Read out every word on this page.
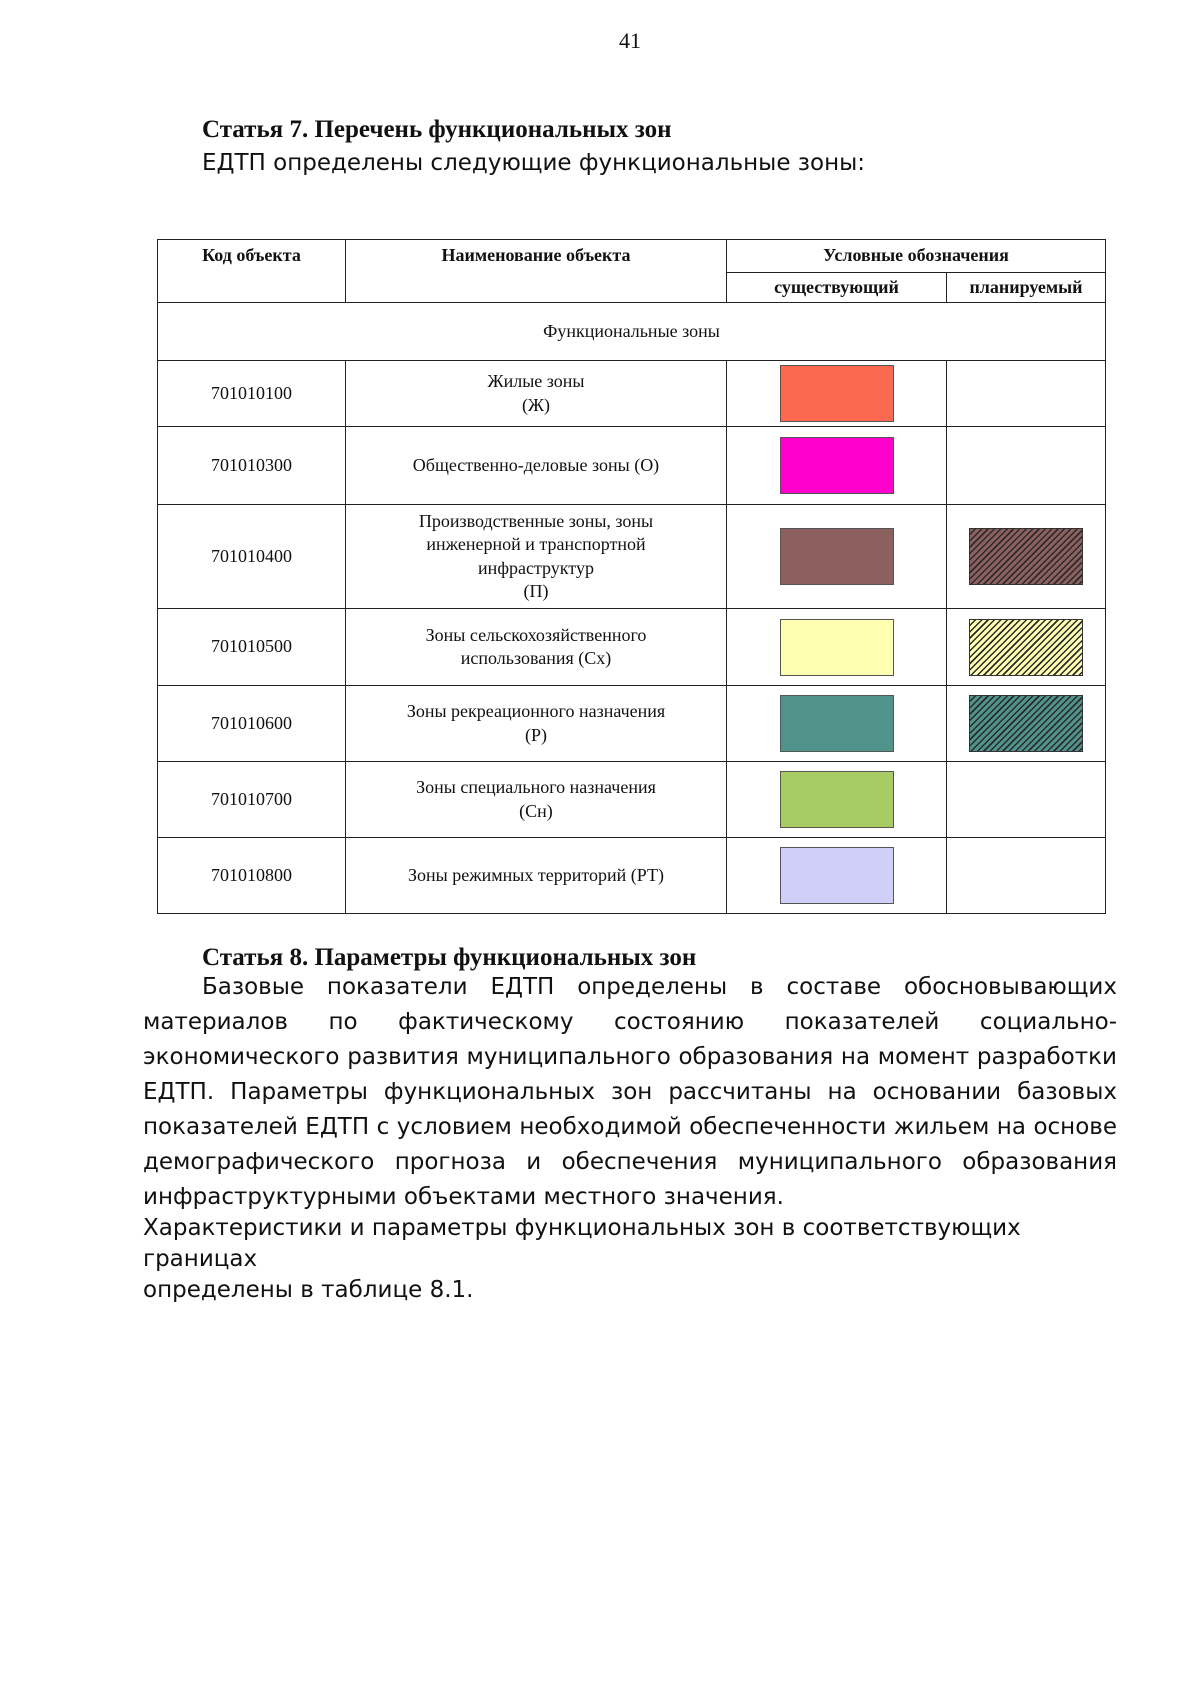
41
Статья 7. Перечень функциональных зон
ЕДТП определены следующие функциональные зоны:
Код объекта	Наименование объекта	Условные обозначения	
		существующий	планируемый
Функциональные зоны			
701010100	Жилые зоны
(Ж)		

701010300	Общественно-деловые зоны (О)		

701010400	Производственные зоны, зоны
инженерной и транспортной
инфраструктур
(П)		

701010500	Зоны сельскохозяйственного
использования (Сх)		

701010600	Зоны рекреационного назначения
(Р)		

701010700	Зоны специального назначения
(Сн)		

701010800	Зоны режимных территорий (РТ)		

Статья 8. Параметры функциональных зон
Базовые показатели ЕДТП определены в составе обосновывающих материалов по фактическому состоянию показателей социально-экономического развития муниципального образования на момент разработки ЕДТП. Параметры функциональных зон рассчитаны на основании базовых показателей ЕДТП с условием необходимой обеспеченности жильем на основе демографического прогноза и обеспечения муниципального образования инфраструктурными объектами местного значения.
Характеристики и параметры функциональных зон в соответствующих границах
определены в таблице 8.1.
